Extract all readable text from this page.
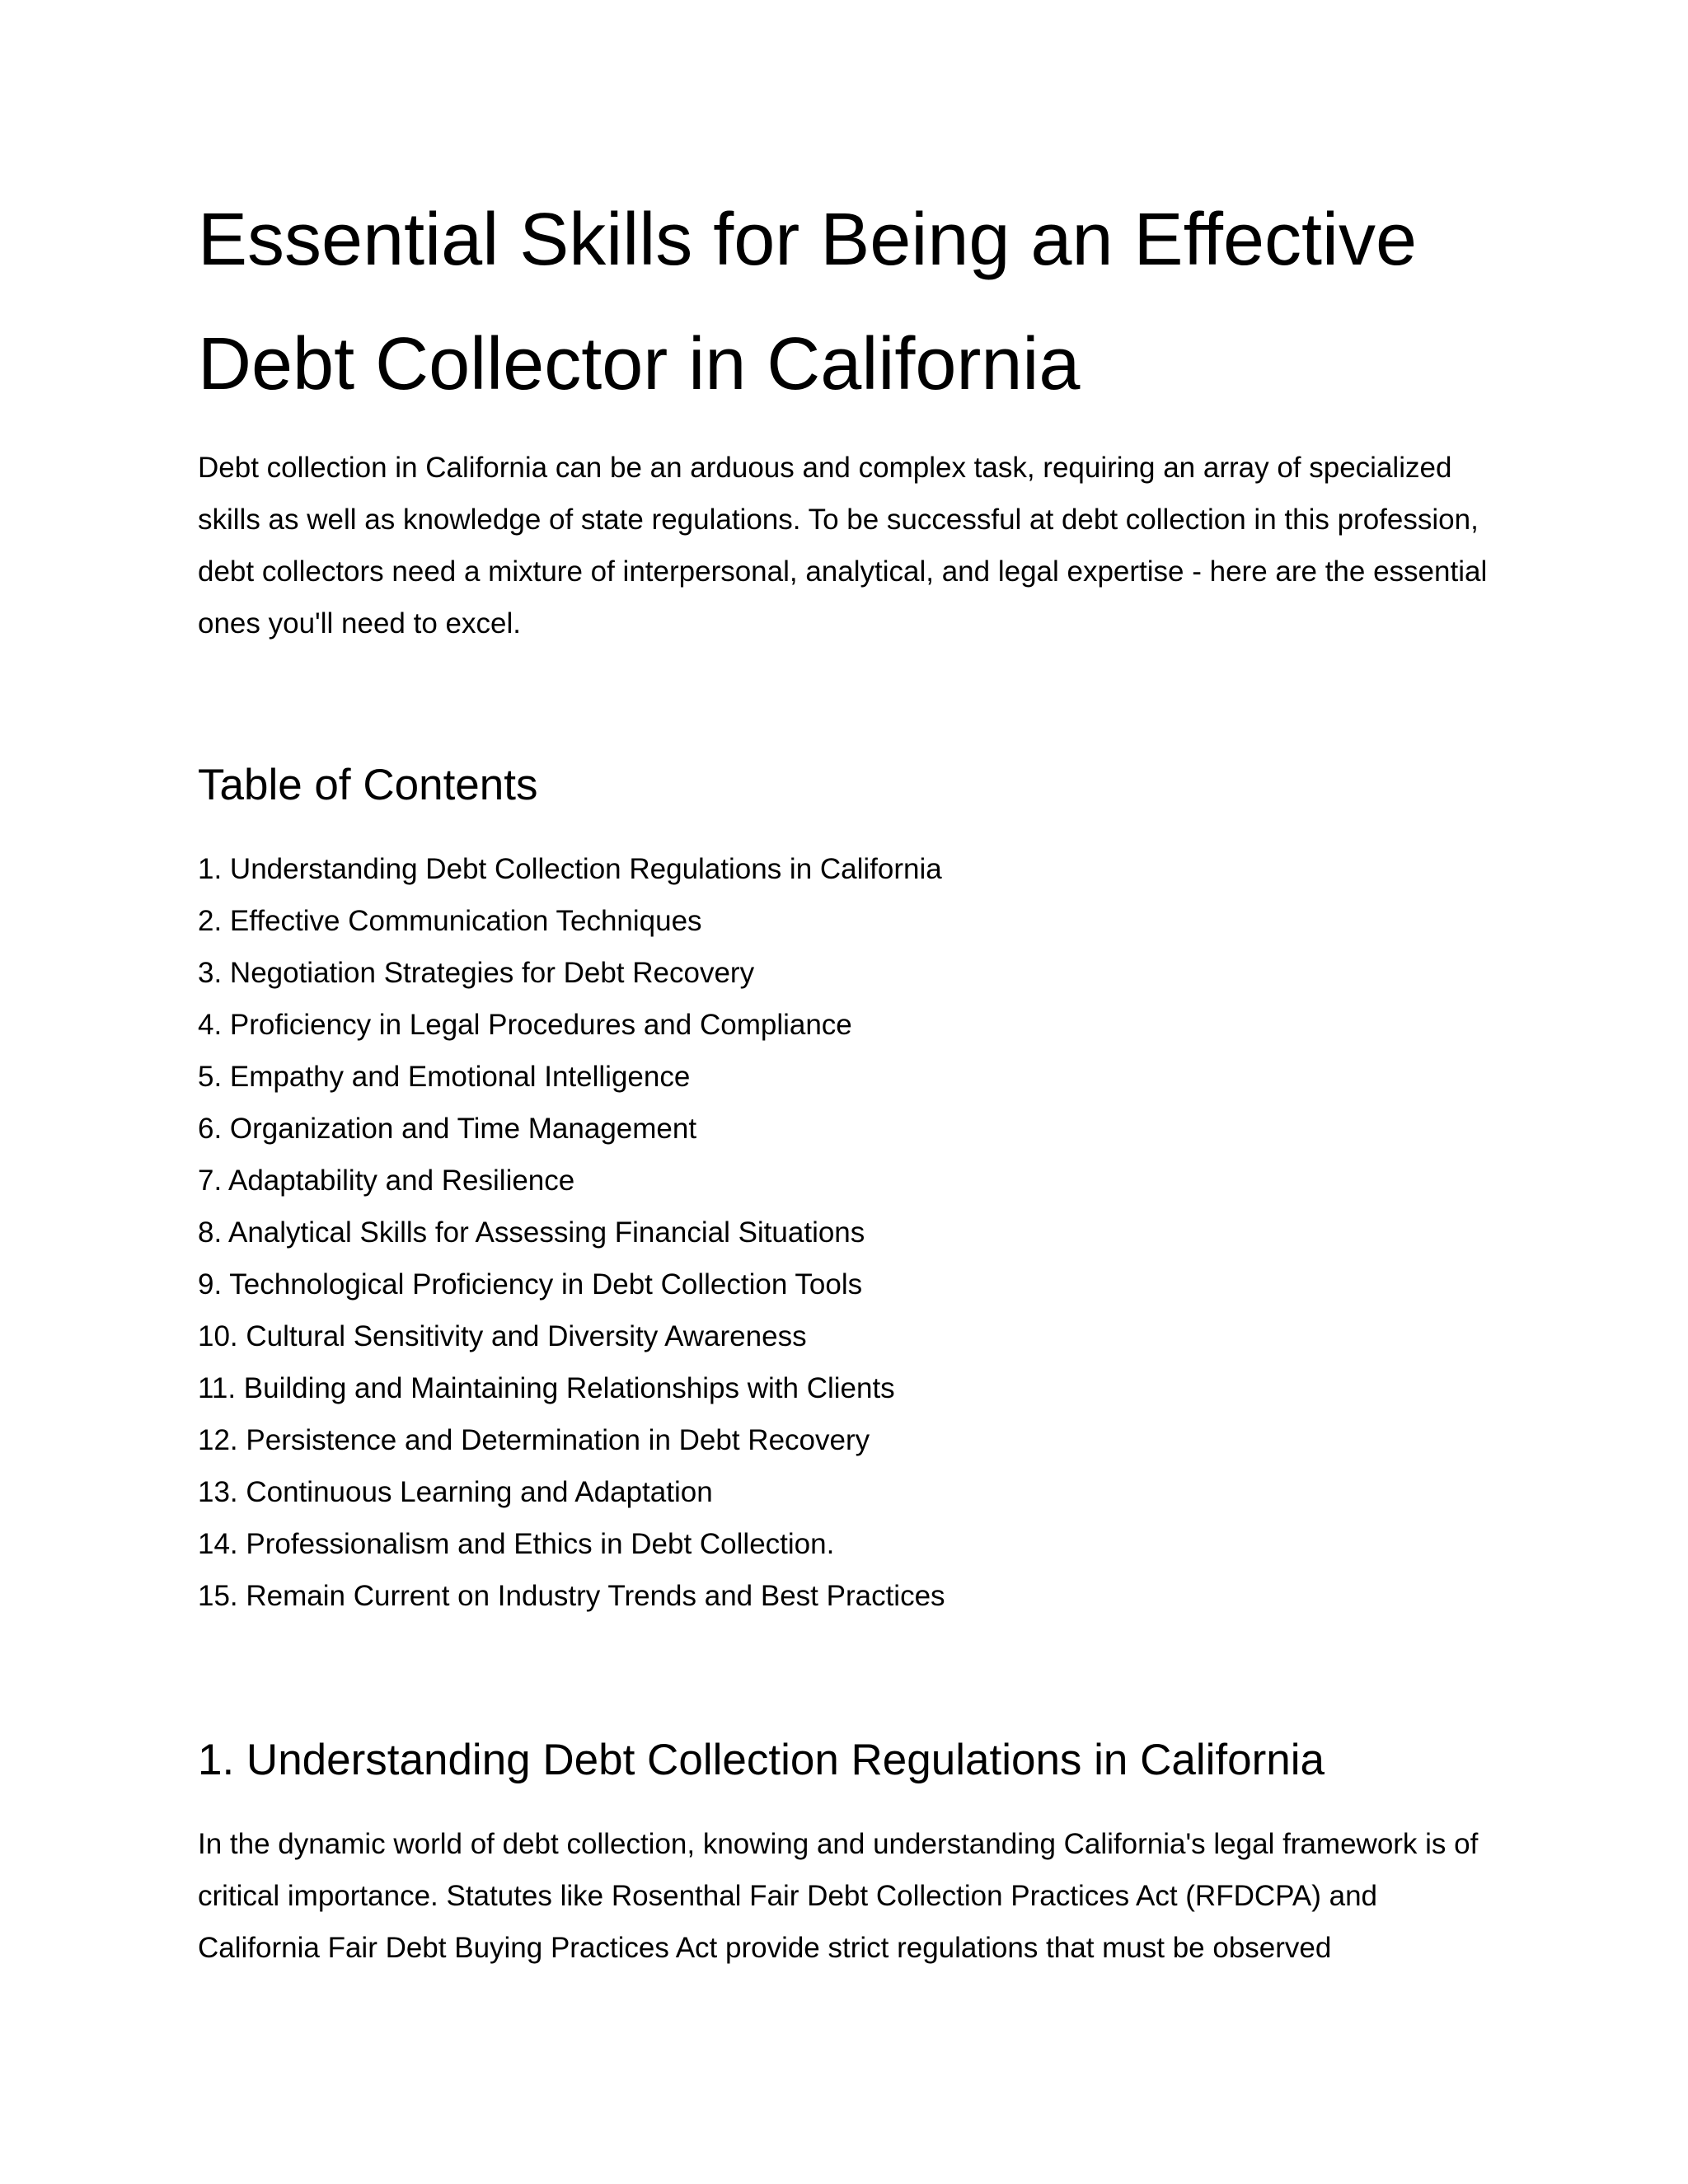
Essential Skills for Being an Effective Debt Collector in California

Debt collection in California can be an arduous and complex task, requiring an array of specialized skills as well as knowledge of state regulations. To be successful at debt collection in this profession, debt collectors need a mixture of interpersonal, analytical, and legal expertise - here are the essential ones you'll need to excel.

Table of Contents
1. Understanding Debt Collection Regulations in California
2. Effective Communication Techniques
3. Negotiation Strategies for Debt Recovery
4. Proficiency in Legal Procedures and Compliance
5. Empathy and Emotional Intelligence
6. Organization and Time Management
7. Adaptability and Resilience
8. Analytical Skills for Assessing Financial Situations
9. Technological Proficiency in Debt Collection Tools
10. Cultural Sensitivity and Diversity Awareness
11. Building and Maintaining Relationships with Clients
12. Persistence and Determination in Debt Recovery
13. Continuous Learning and Adaptation
14. Professionalism and Ethics in Debt Collection.
15. Remain Current on Industry Trends and Best Practices
1. Understanding Debt Collection Regulations in California

In the dynamic world of debt collection, knowing and understanding California's legal framework is of critical importance. Statutes like Rosenthal Fair Debt Collection Practices Act (RFDCPA) and California Fair Debt Buying Practices Act provide strict regulations that must be observed
